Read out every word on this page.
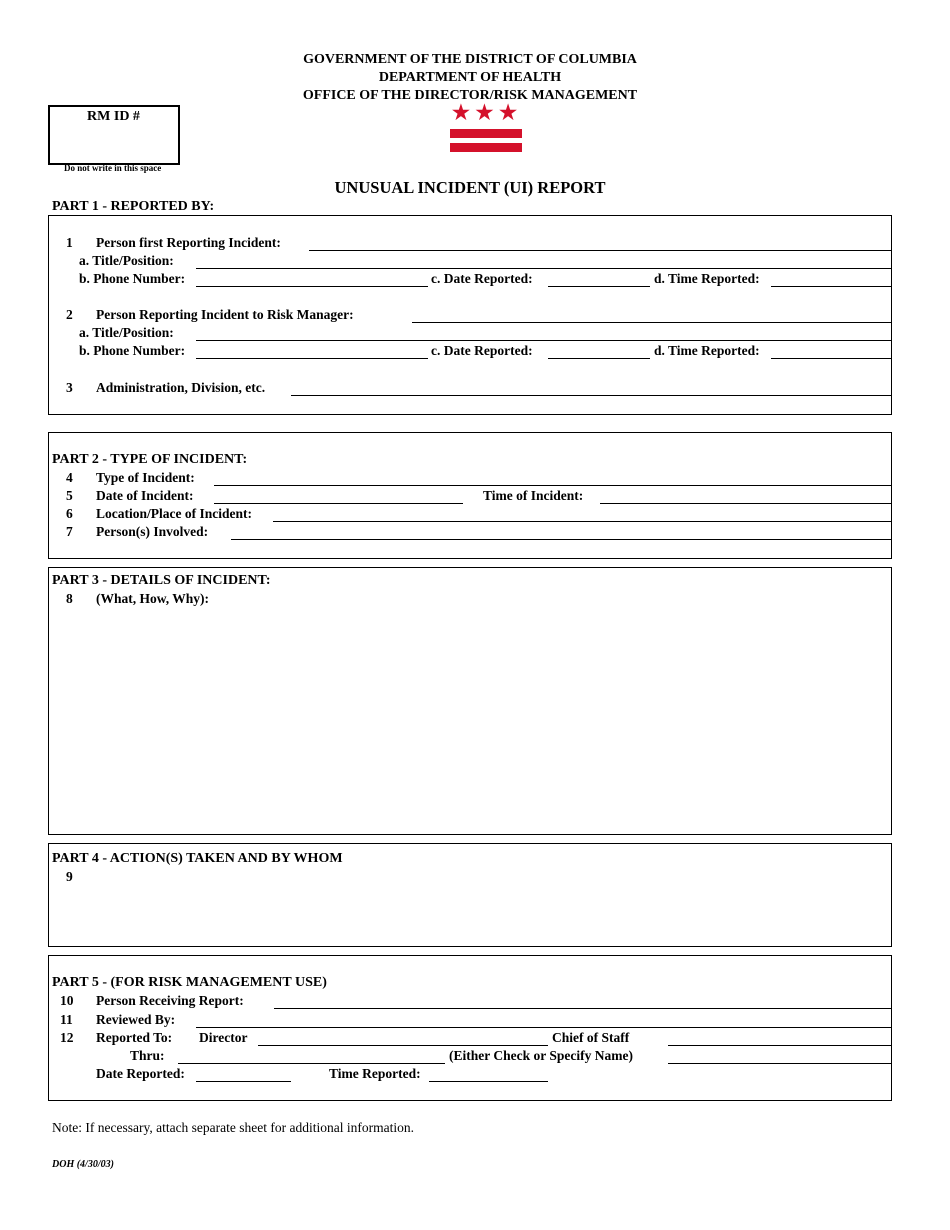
GOVERNMENT OF THE DISTRICT OF COLUMBIA
DEPARTMENT OF HEALTH
OFFICE OF THE DIRECTOR/RISK MANAGEMENT
RM ID #
Do not write in this space
★★★
UNUSUAL INCIDENT (UI) REPORT
PART 1 - REPORTED BY:
1 Person first Reporting Incident:
a. Title/Position:
b. Phone Number:	c. Date Reported:	d. Time Reported:
2 Person Reporting Incident to Risk Manager:
a. Title/Position:
b. Phone Number:	c. Date Reported:	d. Time Reported:
3 Administration, Division, etc.
PART 2 - TYPE OF INCIDENT:
4 Type of Incident:
5 Date of Incident:	Time of Incident:
6 Location/Place of Incident:
7 Person(s) Involved:
PART 3 - DETAILS OF INCIDENT:
8 (What, How, Why):
PART 4 - ACTION(S) TAKEN AND BY WHOM
9
PART 5 - (FOR RISK MANAGEMENT USE)
10 Person Receiving Report:
11 Reviewed By:
12 Reported To: Director	Chief of Staff
Thru:	(Either Check or Specify Name)
Date Reported:	Time Reported:
Note: If necessary, attach separate sheet for additional information.
DOH (4/30/03)
